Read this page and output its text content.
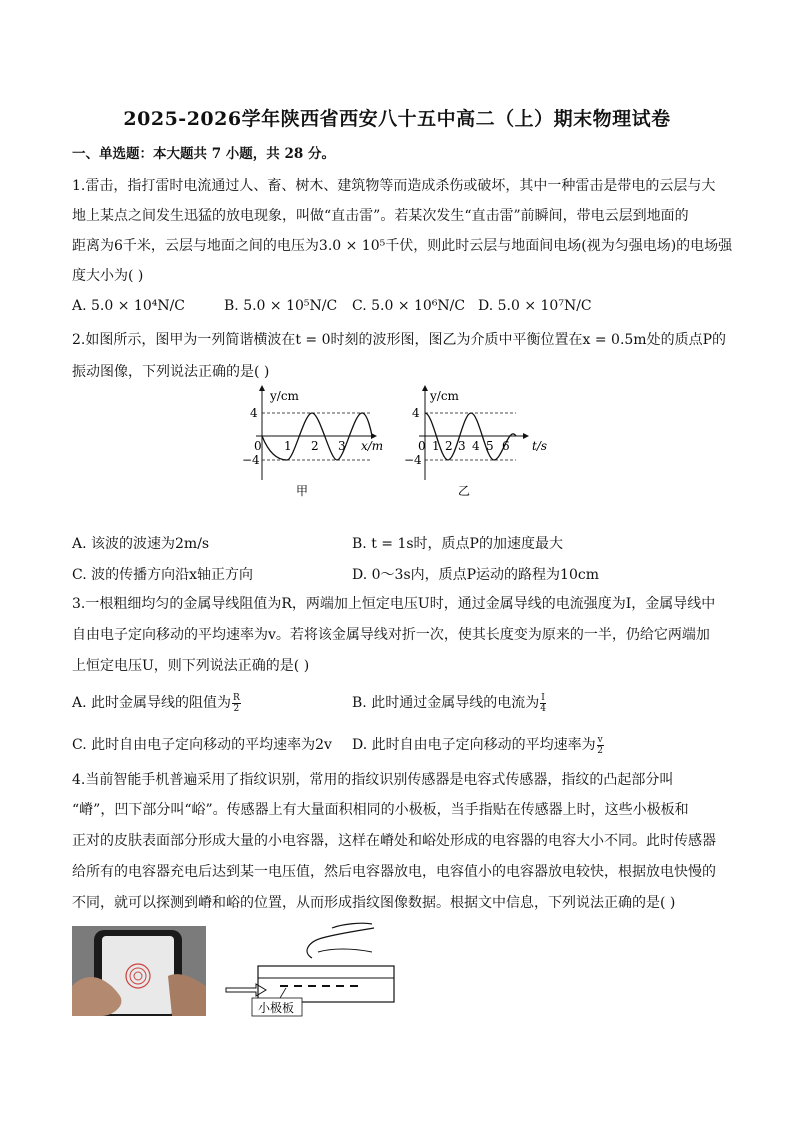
2025-2026学年陕西省西安八十五中高二（上）期末物理试卷
一、单选题：本大题共 7 小题，共 28 分。
1.雷击，指打雷时电流通过人、畜、树木、建筑物等而造成杀伤或破坏，其中一种雷击是带电的云层与大
地上某点之间发生迅猛的放电现象，叫做“直击雷”。若某次发生“直击雷”前瞬间，带电云层到地面的
距离为6千米，云层与地面之间的电压为3.0 × 10⁵千伏，则此时云层与地面间电场(视为匀强电场)的电场强
度大小为( )
A. 5.0 × 10⁴N/C	B. 5.0 × 10⁵N/C C. 5.0 × 10⁶N/C D. 5.0 × 10⁷N/C
2.如图所示，图甲为一列简谐横波在t = 0时刻的波形图，图乙为介质中平衡位置在x = 0.5m处的质点P的
振动图像，下列说法正确的是( )
y/cm
x/m
4
−4
0 1 2 3
甲
y/cm
t/s
4
−4
0 1 2 3 4 5 6
乙
A. 该波的波速为2m/s	B. t = 1s时，质点P的加速度最大
C. 波的传播方向沿x轴正方向	D. 0～3s内，质点P运动的路程为10cm
3.一根粗细均匀的金属导线阻值为R，两端加上恒定电压U时，通过金属导线的电流强度为I，金属导线中
自由电子定向移动的平均速率为v。若将该金属导线对折一次，使其长度变为原来的一半，仍给它两端加
上恒定电压U，则下列说法正确的是( )
A. 此时金属导线的阻值为 $\frac{R}{2}$	B. 此时通过金属导线的电流为 $\frac{I}{4}$
C. 此时自由电子定向移动的平均速率为2v D. 此时自由电子定向移动的平均速率为 $\frac{v}{2}$
4.当前智能手机普遍采用了指纹识别，常用的指纹识别传感器是电容式传感器，指纹的凸起部分叫
“嵴”，凹下部分叫“峪”。传感器上有大量面积相同的小极板，当手指贴在传感器上时，这些小极板和
正对的皮肤表面部分形成大量的小电容器，这样在嵴处和峪处形成的电容器的电容大小不同。此时传感器
给所有的电容器充电后达到某一电压值，然后电容器放电，电容值小的电容器放电较快，根据放电快慢的
不同，就可以探测到嵴和峪的位置，从而形成指纹图像数据。根据文中信息，下列说法正确的是( )
小极板
